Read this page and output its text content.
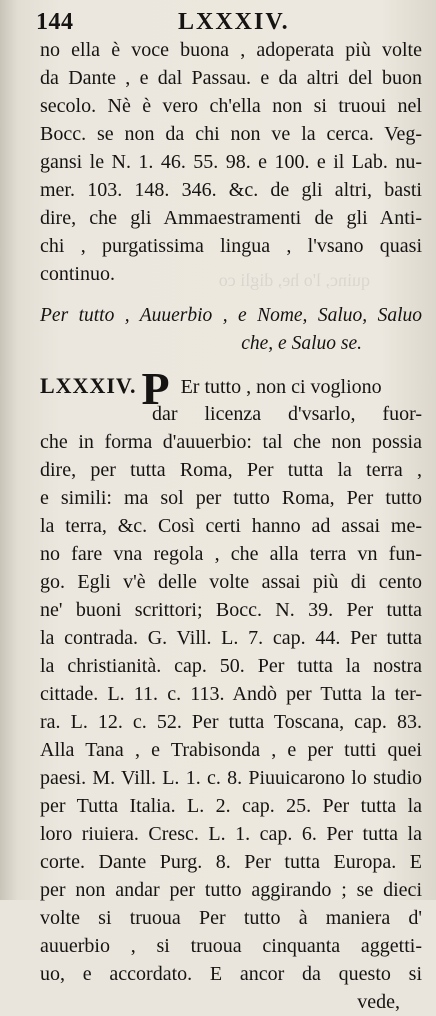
quinc, l'o he, digli co
144	LXXXIV.
no ella è voce buona , adoperata più volte
da Dante , e dal Passau. e da altri del buon
secolo. Nè è vero ch'ella non si truoui nel
Bocc. se non da chi non ve la cerca. Veg-
gansi le N. 1. 46. 55. 98. e 100. e il Lab. nu-
mer. 103. 148. 346. &c. de gli altri, basti
dire, che gli Ammaestramenti de gli Anti-
chi , purgatissima lingua , l'vsano quasi
continuo.
Per tutto , Auuerbio , e Nome, Saluo, Saluo
che, e Saluo se.
LXXXIV. P Er tutto , non ci vogliono
dar licenza d'vsarlo, fuor-
che in forma d'auuerbio: tal che non possia
dire, per tutta Roma, Per tutta la terra ,
e simili: ma sol per tutto Roma, Per tutto
la terra, &c. Così certi hanno ad assai me-
no fare vna regola , che alla terra vn fun-
go. Egli v'è delle volte assai più di cento
ne' buoni scrittori; Bocc. N. 39. Per tutta
la contrada. G. Vill. L. 7. cap. 44. Per tutta
la christianità. cap. 50. Per tutta la nostra
cittade. L. 11. c. 113. Andò per Tutta la ter-
ra. L. 12. c. 52. Per tutta Toscana, cap. 83.
Alla Tana , e Trabisonda , e per tutti quei
paesi. M. Vill. L. 1. c. 8. Piuuicarono lo studio
per Tutta Italia. L. 2. cap. 25. Per tutta la
loro riuiera. Cresc. L. 1. cap. 6. Per tutta la
corte. Dante Purg. 8. Per tutta Europa. E
per non andar per tutto aggirando ; se dieci
volte si truoua Per tutto à maniera d'
auuerbio , si truoua cinquanta aggetti-
uo, e accordato. E ancor da questo si
vede,
